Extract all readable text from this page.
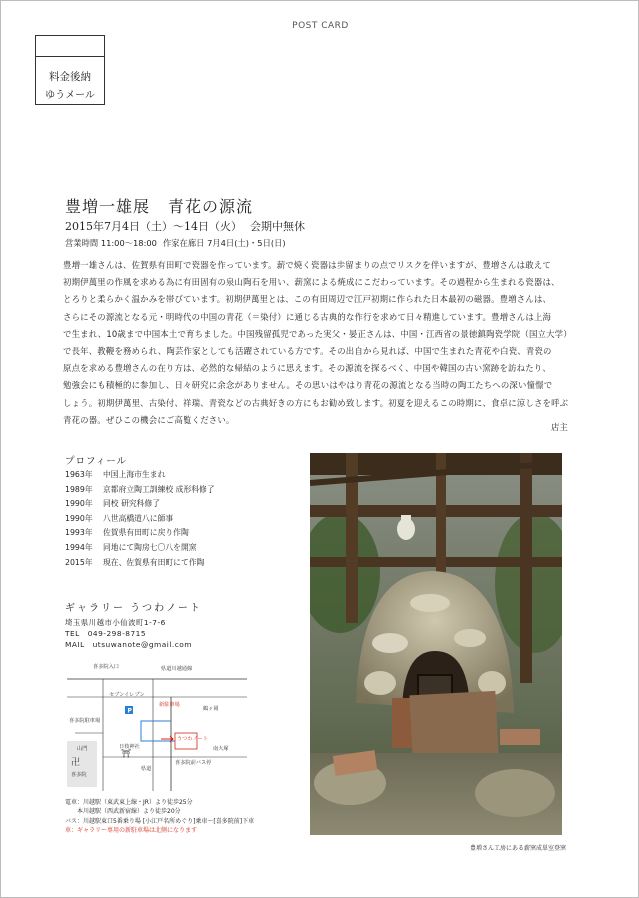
POST CARD
料金後納
ゆうメール
豊増一雄展 青花の源流
2015年7月4日（土）～14日（火） 会期中無休
営業時間 11:00～18:00 作家在廊日 7月4日(土)・5日(日)
豊増一雄さんは、佐賀県有田町で瓷器を作っています。薪で焼く瓷器は歩留まりの点でリスクを伴いますが、豊増さんは敢えて
初期伊萬里の作風を求める為に有田固有の泉山陶石を用い、薪窯による焼成にこだわっています。その過程から生まれる瓷器は、
とろりと柔らかく温かみを帯びています。初期伊萬里とは、この有田周辺で江戸初期に作られた日本最初の磁器。豊増さんは、
さらにその源流となる元・明時代の中国の青花（＝染付）に通じる古典的な作行を求めて日々精進しています。豊増さんは上海
で生まれ、10歳まで中国本土で育ちました。中国残留孤児であった実父・晏正さんは、中国・江西省の景徳鎮陶瓷学院（国立大学）
で長年、教鞭を務められ、陶芸作家としても活躍されている方です。その出自から見れば、中国で生まれた青花や白瓷、青瓷の
原点を求める豊増さんの在り方は、必然的な帰結のように思えます。その源流を探るべく、中国や韓国の古い窯跡を訪ねたり、
勉強会にも積極的に参加し、日々研究に余念がありません。その思いはやはり青花の源流となる当時の陶工たちへの深い憧憬で
しょう。初期伊萬里、古染付、祥瑞、青瓷などの古典好きの方にもお勧め致します。初夏を迎えるこの時期に、食卓に涼しさを呼ぶ
青花の器。ぜひこの機会にご高覧ください。
店主
プロフィール
1963年 中国上海市生まれ
1989年 京都府立陶工訓練校 成形科修了
1990年 同校 研究科修了
1990年 八世高橋道八に師事
1993年 佐賀県有田町に戻り作陶
1994年 同地にて陶房七〇八を開窯
2015年 現在、佐賀県有田町にて作陶
ギャラリー うつわノート
埼玉県川越市小仙波町1-7-6
TEL　049-298-8715
MAIL　utsuwanote@gmail.com
P
⛩
卍
喜多院入口	県道川越通線
セブンイレブン
新駐車場
うつわノート
鶴ヶ岡
喜多院駐車場
山門
喜多院
日枝神社
喜多院前バス停
南大塚
県道
電車：川越駅（東武東上線・JR）より徒歩25分
　　本川越駅（西武新宿線）より徒歩20分
バス：川越駅東口5番乗り場 [小江戸名所めぐり]乗車～[喜多院前]下車
車：ギャラリー専用の新駐車場は北側になります
豊増さん工房にある薪窯成単室登窯
